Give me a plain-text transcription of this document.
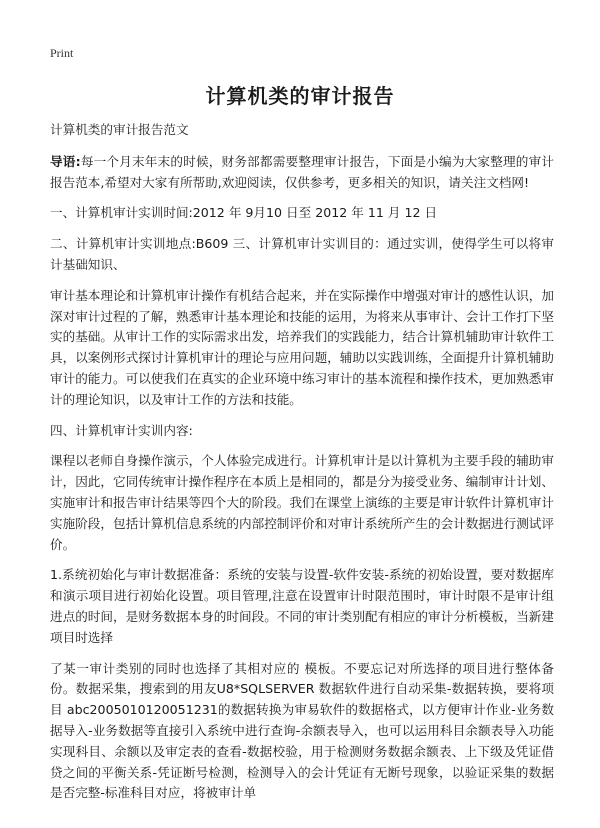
Print
计算机类的审计报告

计算机类的审计报告范文

导语:每一个月末年末的时候，财务部都需要整理审计报告，下面是小编为大家整理的审计报告范本,希望对大家有所帮助,欢迎阅读，仅供参考，更多相关的知识，请关注文档网!

一、计算机审计实训时间:2012 年 9月10 日至 2012 年 11 月 12 日

二、计算机审计实训地点:B609 三、计算机审计实训目的：通过实训，使得学生可以将审计基础知识、

审计基本理论和计算机审计操作有机结合起来，并在实际操作中增强对审计的感性认识，加深对审计过程的了解，熟悉审计基本理论和技能的运用，为将来从事审计、会计工作打下坚实的基础。从审计工作的实际需求出发，培养我们的实践能力，结合计算机辅助审计软件工具，以案例形式探讨计算机审计的理论与应用问题，辅助以实践训练，全面提升计算机辅助审计的能力。可以使我们在真实的企业环境中练习审计的基本流程和操作技术，更加熟悉审计的理论知识，以及审计工作的方法和技能。

四、计算机审计实训内容:

课程以老师自身操作演示，个人体验完成进行。计算机审计是以计算机为主要手段的辅助审计，因此，它同传统审计操作程序在本质上是相同的，都是分为接受业务、编制审计计划、实施审计和报告审计结果等四个大的阶段。我们在课堂上演练的主要是审计软件计算机审计实施阶段，包括计算机信息系统的内部控制评价和对审计系统所产生的会计数据进行测试评价。

1.系统初始化与审计数据准备：系统的安装与设置-软件安装-系统的初始设置，要对数据库和演示项目进行初始化设置。项目管理,注意在设置审计时限范围时，审计时限不是审计组进点的时间，是财务数据本身的时间段。不同的审计类别配有相应的审计分析模板，当新建项目时选择

了某一审计类别的同时也选择了其相对应的 模板。不要忘记对所选择的项目进行整体备份。数据采集，搜索到的用友U8*SQLSERVER 数据软件进行自动采集-数据转换，要将项目 abc2005010120051231的数据转换为审易软件的数据格式，以方便审计作业-业务数据导入-业务数据等直接引入系统中进行查询-余额表导入，也可以运用科目余额表导入功能实现科目、余额以及审定表的查看-数据校验，用于检测财务数据余额表、上下级及凭证借贷之间的平衡关系-凭证断号检测，检测导入的会计凭证有无断号现象，以验证采集的数据是否完整-标准科目对应，将被审计单
